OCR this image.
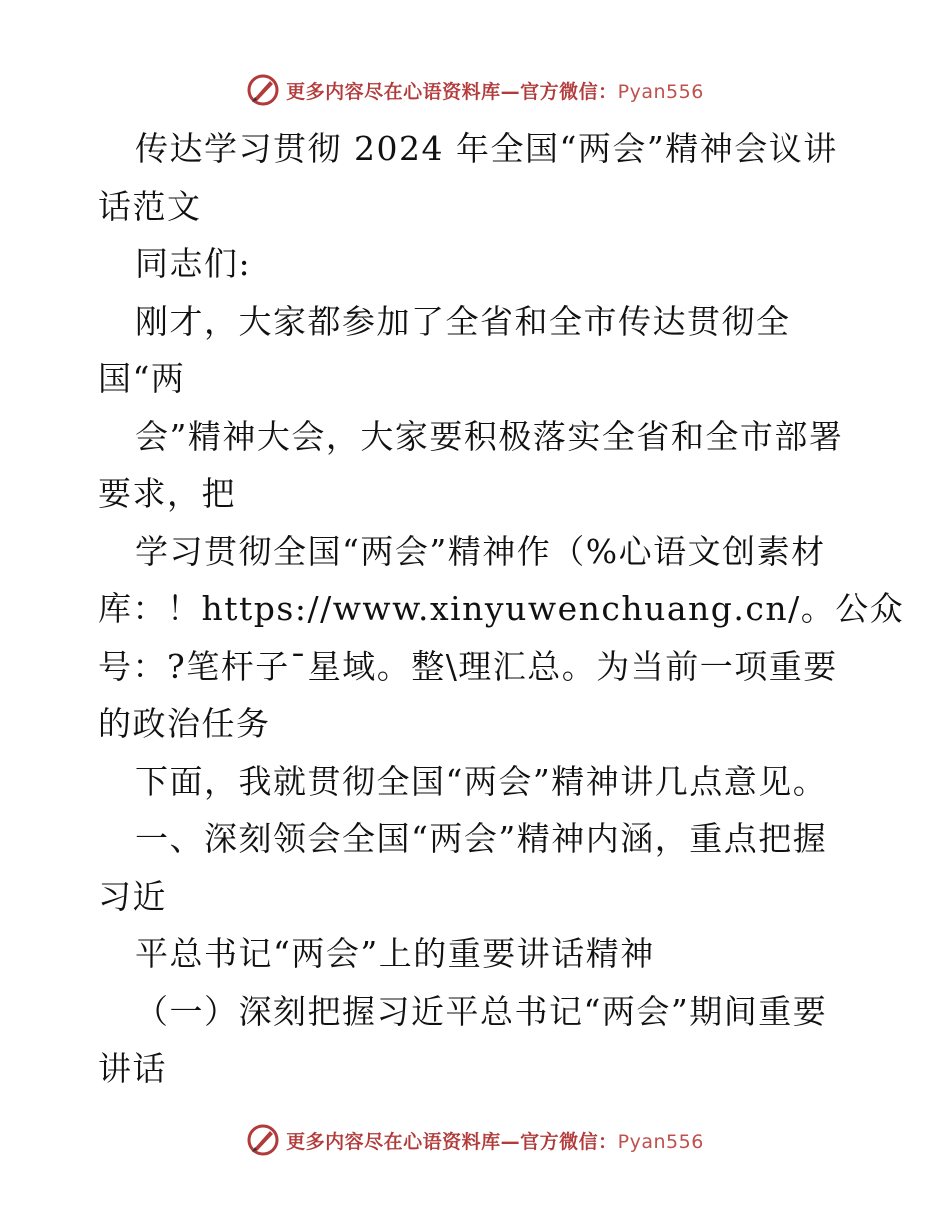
更多内容尽在心语资料库—官方微信：Pyan556
传达学习贯彻 2024 年全国“两会”精神会议讲
话范文
同志们:
刚才，大家都参加了全省和全市传达贯彻全
国“两
会”精神大会，大家要积极落实全省和全市部署
要求，把
学习贯彻全国“两会”精神作（%心语文创素材
库：！https://www.xinyuwenchuang.cn/。公众
号：?笔杆子¯星域。整\理汇总。为当前一项重要
的政治任务
下面，我就贯彻全国“两会”精神讲几点意见。
一、深刻领会全国“两会”精神内涵，重点把握
习近
平总书记“两会”上的重要讲话精神
（一）深刻把握习近平总书记“两会”期间重要
讲话
更多内容尽在心语资料库—官方微信：Pyan556
